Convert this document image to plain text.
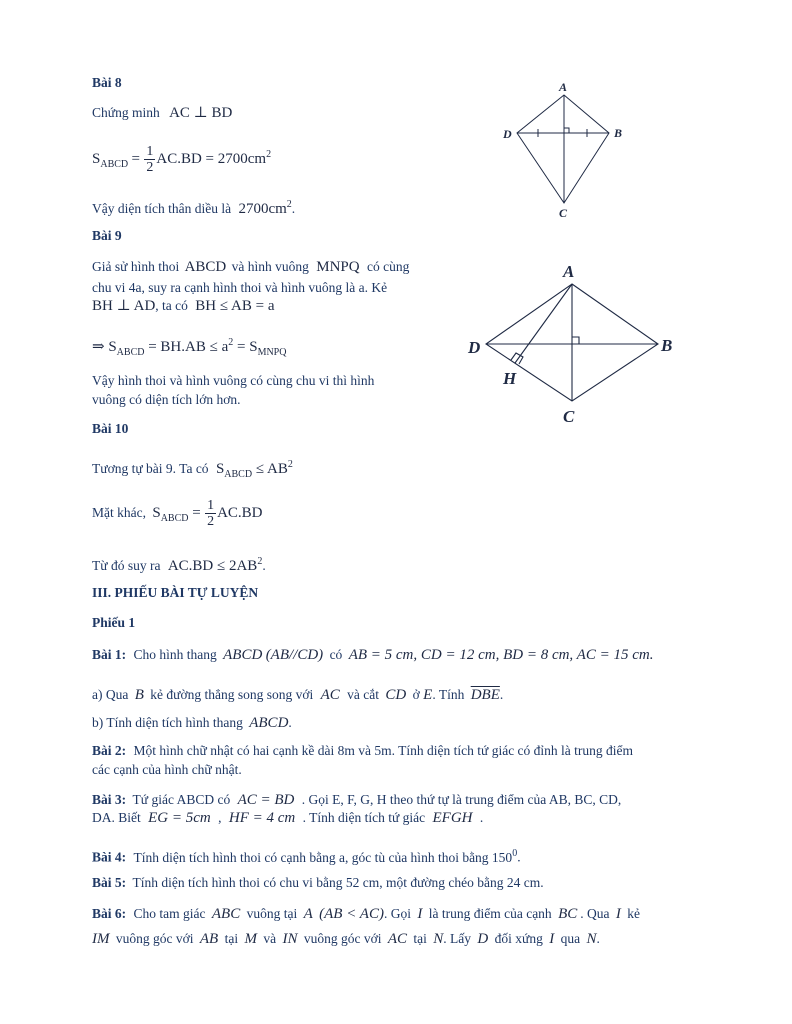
Bài 8
Chứng minh AC ⊥ BD
$S_{ABCD} = \frac{1}{2} AC.BD = 2700cm^2$
Vậy diện tích thân diều là $2700cm^2$.
A
B
C
D
Bài 9
Giả sử hình thoi ABCD và hình vuông MNPQ có cùng
chu vi 4a, suy ra cạnh hình thoi và hình vuông là a. Kẻ
BH ⊥ AD, ta có BH ≤ AB = a
⇒ $S_{ABCD} = BH.AB \le a^2 = S_{MNPQ}$
Vậy hình thoi và hình vuông có cùng chu vi thì hình
vuông có diện tích lớn hơn.
A
B
C
D
H
Bài 10
Tương tự bài 9. Ta có $S_{ABCD} \le AB^2$
Mặt khác, $S_{ABCD} = \frac{1}{2} AC.BD$
Từ đó suy ra $AC.BD \le 2AB^2$.
III. PHIẾU BÀI TỰ LUYỆN
Phiếu 1
Bài 1: Cho hình thang ABCD (AB//CD) có AB = 5 cm, CD = 12 cm, BD = 8 cm, AC = 15 cm.
a) Qua B kẻ đường thẳng song song với AC và cắt CD ở E. Tính $\overline{DBE}$.
b) Tính diện tích hình thang ABCD.
Bài 2: Một hình chữ nhật có hai cạnh kề dài 8m và 5m. Tính diện tích tứ giác có đỉnh là trung điểm
các cạnh của hình chữ nhật.
Bài 3: Tứ giác ABCD có AC = BD . Gọi E, F, G, H theo thứ tự là trung điểm của AB, BC, CD,
DA. Biết EG = 5cm , HF = 4 cm . Tính diện tích tứ giác EFGH .
Bài 4: Tính diện tích hình thoi có cạnh bằng a, góc tù của hình thoi bằng $150^0$.
Bài 5: Tính diện tích hình thoi có chu vi bằng 52 cm, một đường chéo bằng 24 cm.
Bài 6: Cho tam giác ABC vuông tại A (AB < AC). Gọi I là trung điểm của cạnh BC . Qua I kẻ
IM vuông góc với AB tại M và IN vuông góc với AC tại N. Lấy D đối xứng I qua N.
